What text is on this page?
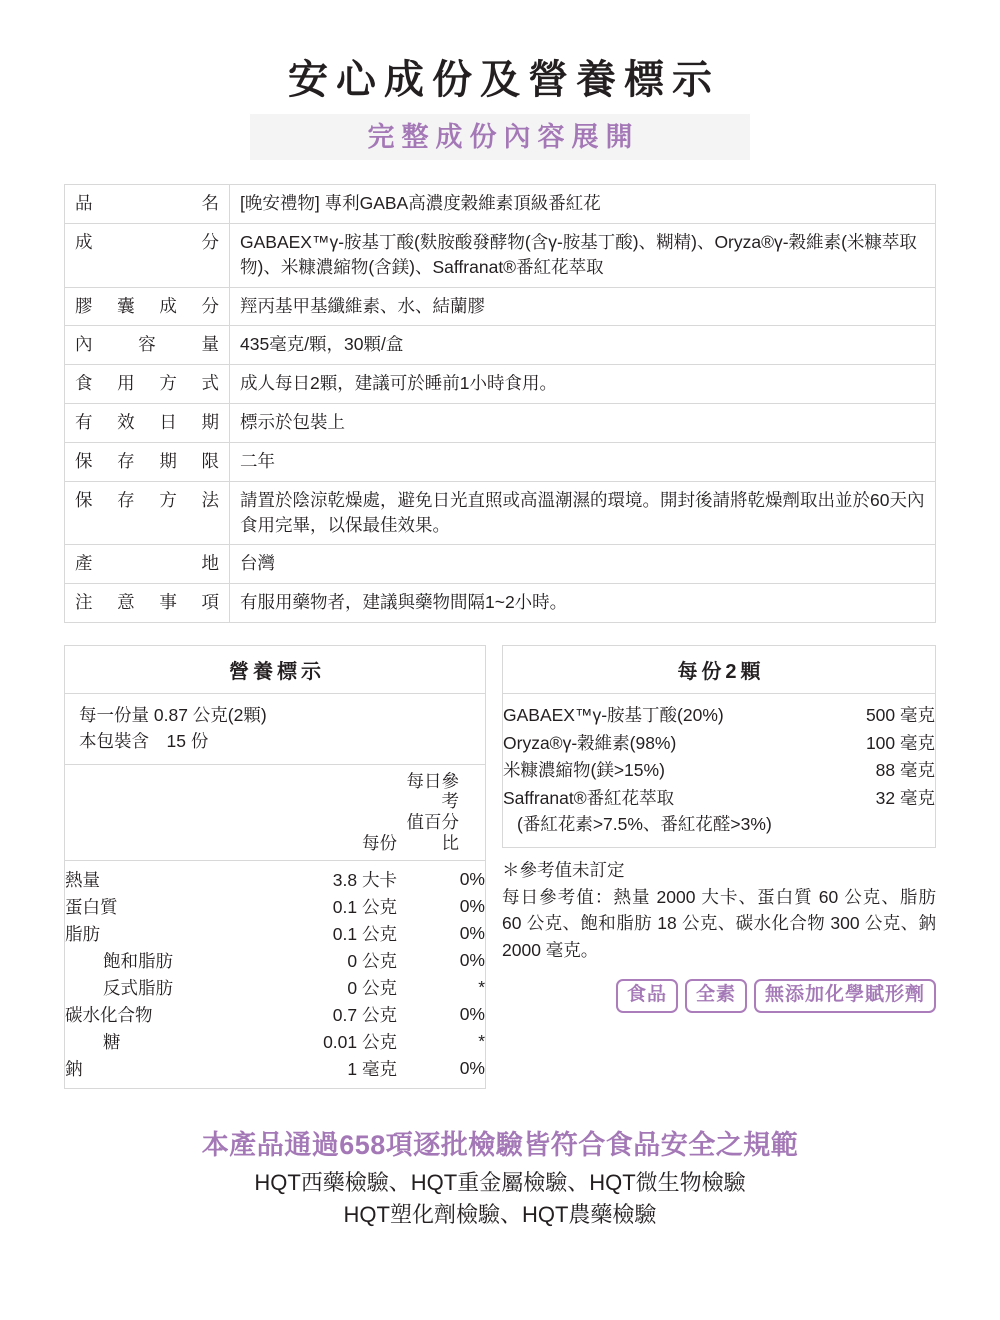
安心成份及營養標示
完整成份內容展開
品名	[晚安禮物] 專利GABA高濃度穀維素頂級番紅花
成分	GABAEX™γ-胺基丁酸(麩胺酸發酵物(含γ-胺基丁酸)、糊精)、Oryza®γ-穀維素(米糠萃取物)、米糠濃縮物(含鎂)、Saffranat®番紅花萃取
膠囊成分	羥丙基甲基纖維素、水、結蘭膠
內容量	435毫克/顆，30顆/盒
食用方式	成人每日2顆，建議可於睡前1小時食用。
有效日期	標示於包裝上
保存期限	二年
保存方法	請置於陰涼乾燥處，避免日光直照或高溫潮濕的環境。開封後請將乾燥劑取出並於60天內食用完畢，以保最佳效果。
產地	台灣
注意事項	有服用藥物者，建議與藥物間隔1~2小時。
營養標示
每一份量 0.87 公克(2顆)
本包裝含　15 份
	每份	每日參考
值百分比

熱量	3.8 大卡	0%
蛋白質	0.1 公克	0%
脂肪	0.1 公克	0%
飽和脂肪	0 公克	0%
反式脂肪	0 公克	*
碳水化合物	0.7 公克	0%
糖	0.01 公克	*
鈉	1 毫克	0%
每份2顆
GABAEX™γ-胺基丁酸(20%)	500 毫克
Oryza®γ-穀維素(98%)	100 毫克
米糠濃縮物(鎂>15%)	88 毫克
Saffranat®番紅花萃取	32 毫克
(番紅花素>7.5%、番紅花醛>3%)
＊參考值未訂定
每日參考值：熱量 2000 大卡、蛋白質 60 公克、脂肪 60 公克、飽和脂肪 18 公克、碳水化合物 300 公克、鈉 2000 毫克。
食品	全素	無添加化學賦形劑
本產品通過658項逐批檢驗皆符合食品安全之規範
HQT西藥檢驗、HQT重金屬檢驗、HQT微生物檢驗
HQT塑化劑檢驗、HQT農藥檢驗
